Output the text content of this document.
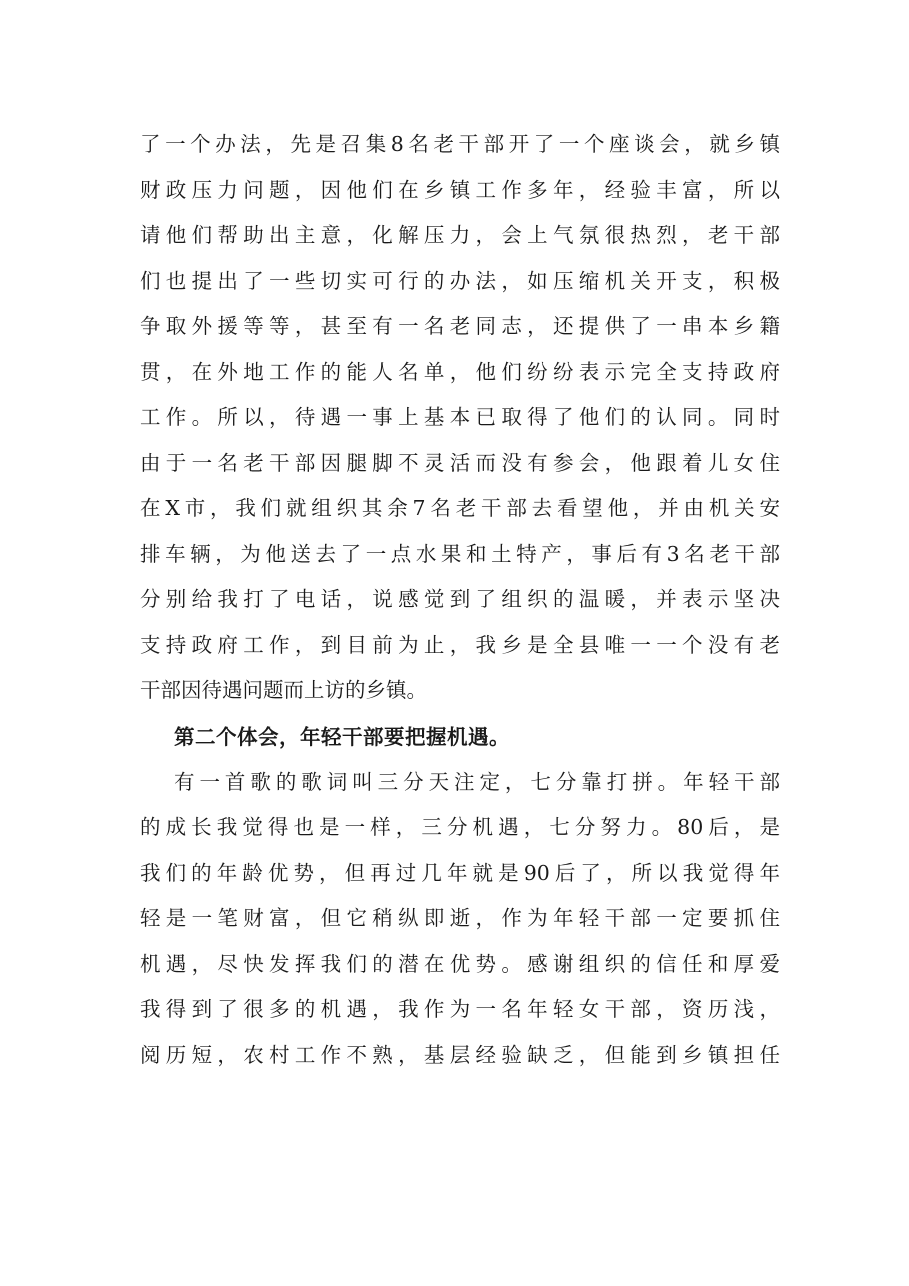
了一个办法，先是召集8名老干部开了一个座谈会，就乡镇
财政压力问题，因他们在乡镇工作多年，经验丰富，所以
请他们帮助出主意，化解压力，会上气氛很热烈，老干部
们也提出了一些切实可行的办法，如压缩机关开支，积极
争取外援等等，甚至有一名老同志，还提供了一串本乡籍
贯，在外地工作的能人名单，他们纷纷表示完全支持政府
工作。所以，待遇一事上基本已取得了他们的认同。同时
由于一名老干部因腿脚不灵活而没有参会，他跟着儿女住
在X市，我们就组织其余7名老干部去看望他，并由机关安
排车辆，为他送去了一点水果和土特产，事后有3名老干部
分别给我打了电话，说感觉到了组织的温暖，并表示坚决
支持政府工作，到目前为止，我乡是全县唯一一个没有老
干部因待遇问题而上访的乡镇。
第二个体会，年轻干部要把握机遇。
有一首歌的歌词叫三分天注定，七分靠打拼。年轻干部
的成长我觉得也是一样，三分机遇，七分努力。80后，是
我们的年龄优势，但再过几年就是90后了，所以我觉得年
轻是一笔财富，但它稍纵即逝，作为年轻干部一定要抓住
机遇，尽快发挥我们的潜在优势。感谢组织的信任和厚爱
我得到了很多的机遇，我作为一名年轻女干部，资历浅，
阅历短，农村工作不熟，基层经验缺乏，但能到乡镇担任
